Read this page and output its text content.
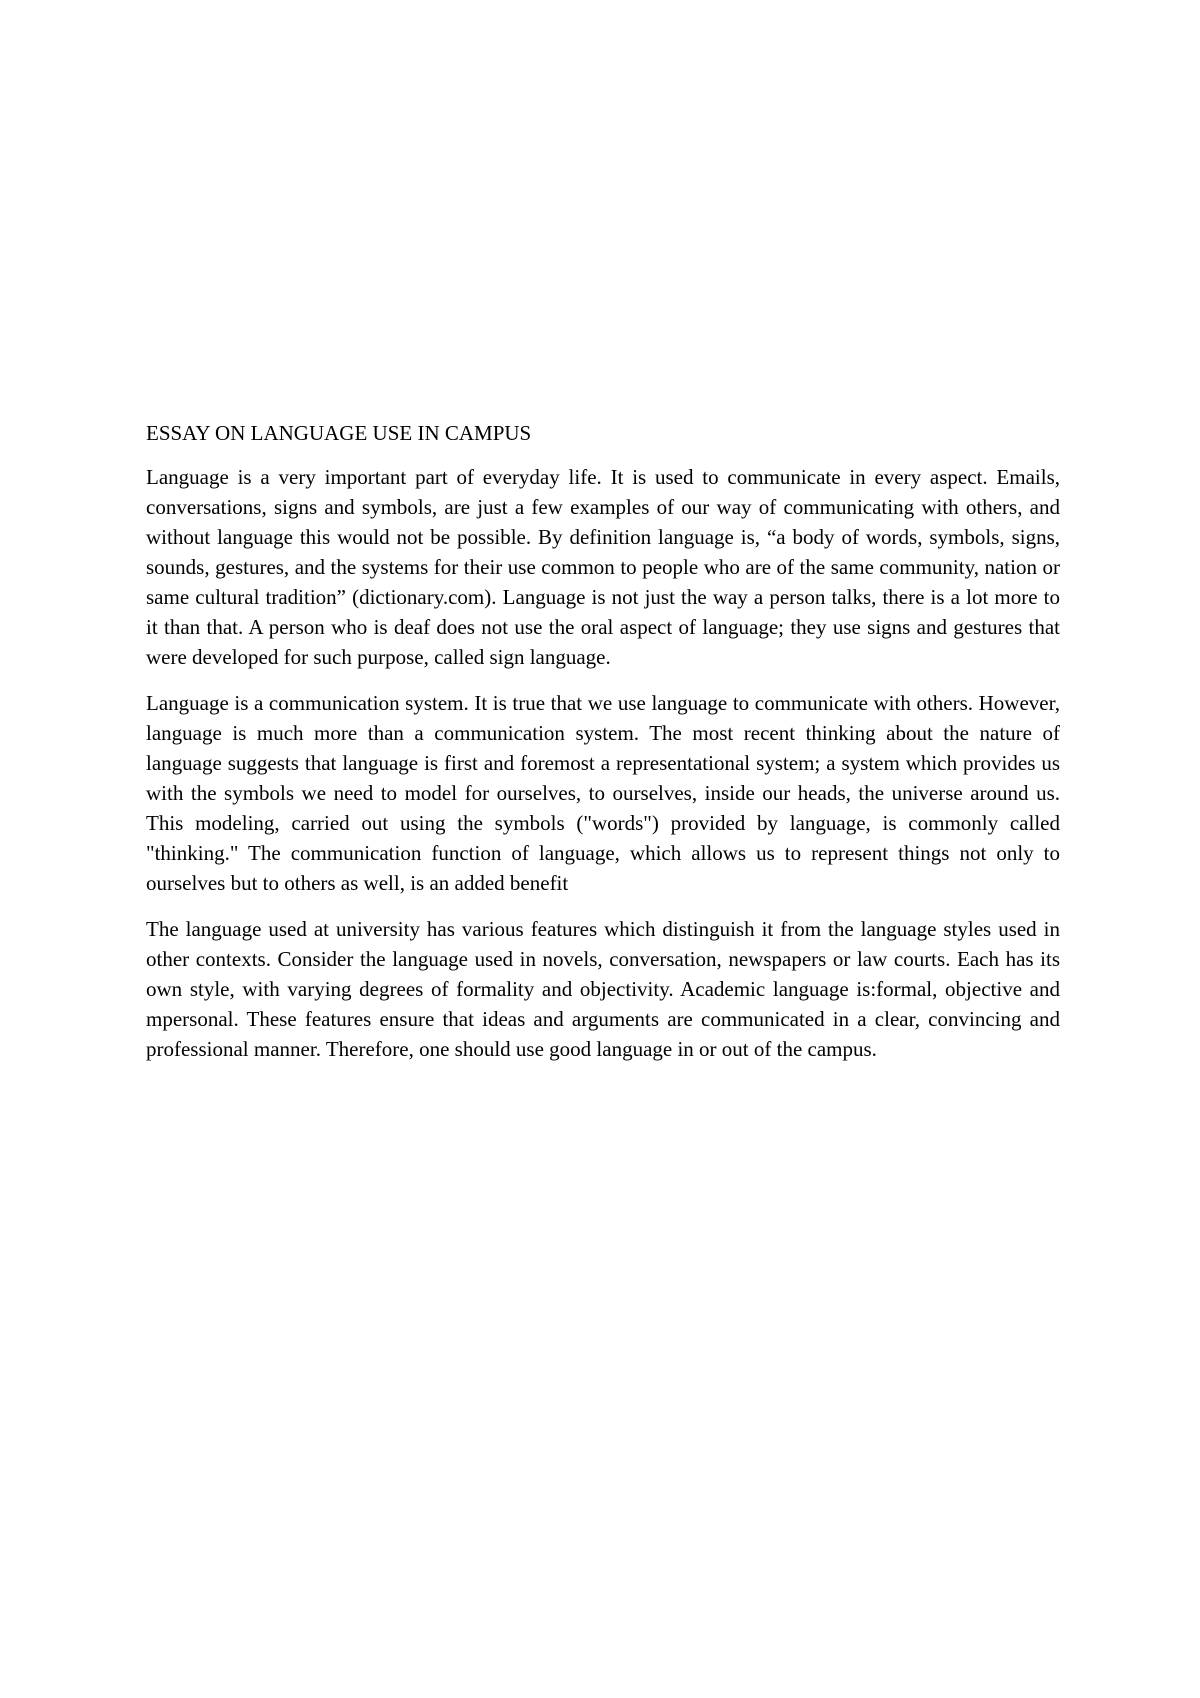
ESSAY ON LANGUAGE USE IN CAMPUS

Language is a very important part of everyday life. It is used to communicate in every aspect. Emails, conversations, signs and symbols, are just a few examples of our way of communicating with others, and without language this would not be possible. By definition language is, “a body of words, symbols, signs, sounds, gestures, and the systems for their use common to people who are of the same community, nation or same cultural tradition” (dictionary.com). Language is not just the way a person talks, there is a lot more to it than that. A person who is deaf does not use the oral aspect of language; they use signs and gestures that were developed for such purpose, called sign language.

Language is a communication system. It is true that we use language to communicate with others. However, language is much more than a communication system. The most recent thinking about the nature of language suggests that language is first and foremost a representational system; a system which provides us with the symbols we need to model for ourselves, to ourselves, inside our heads, the universe around us. This modeling, carried out using the symbols ("words") provided by language, is commonly called "thinking." The communication function of language, which allows us to represent things not only to ourselves but to others as well, is an added benefit

The language used at university has various features which distinguish it from the language styles used in other contexts. Consider the language used in novels, conversation, newspapers or law courts. Each has its own style, with varying degrees of formality and objectivity. Academic language is:formal, objective and mpersonal. These features ensure that ideas and arguments are communicated in a clear, convincing and professional manner. Therefore, one should use good language in or out of the campus.
